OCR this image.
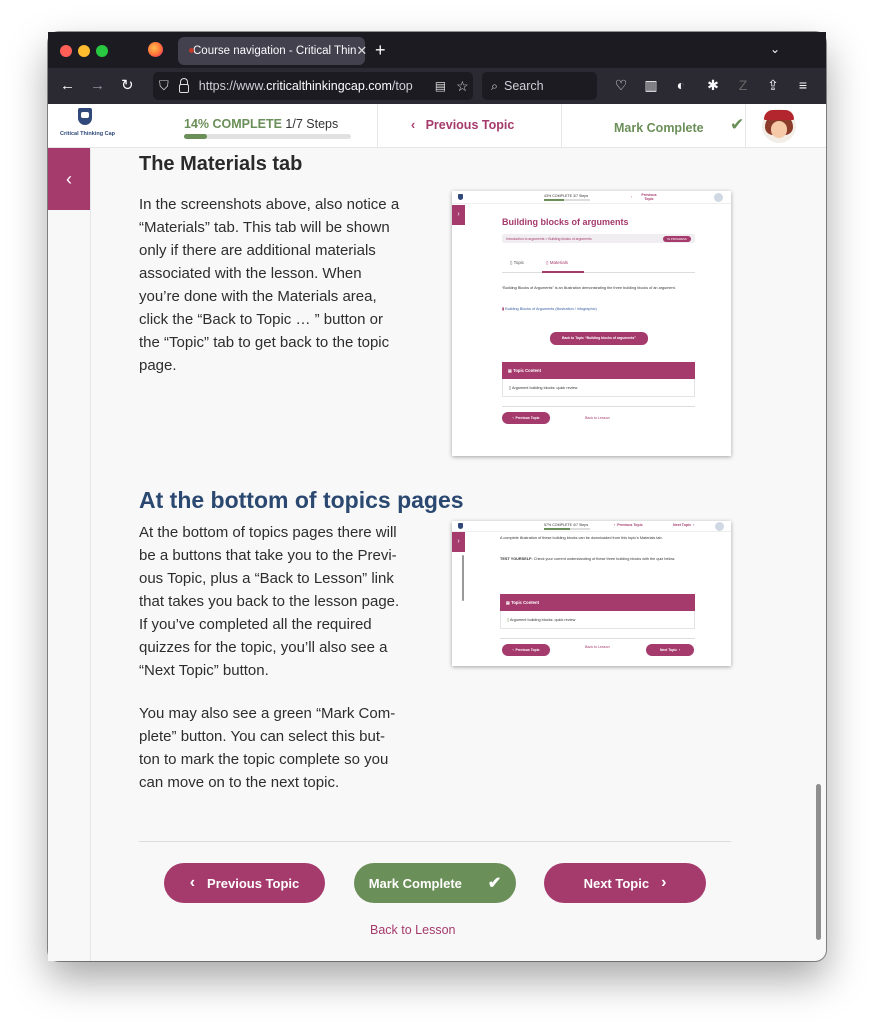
Course navigation - Critical Thin ✕ +	⌄
← → ↻ ⛉ https://www.criticalthinkingcap.com/top	▤ ☆ ⌕ Search	♡ ▥	◐	✱	Z	⇪	≡
Critical Thinking Cap
14% COMPLETE 1/7 Steps	‹   Previous Topic	Mark Complete ✔
‹
The Materials tab
In the screenshots above, also notice a
“Materials” tab. This tab will be shown
only if there are additional materials
associated with the lesson. When
you’re done with the Materials area,
click the “Back to Topic … ” button or
the “Topic” tab to get back to the topic
page.
43% COMPLETE 3/7 Steps	‹	Previous Topic
›
Building blocks of arguments
Introduction to arguments > Building blocks of arguments	IN PROGRESS
▯ Topic	▯ Materials
“Building Blocks of Arguments” is an illustration demonstrating the three building blocks of an argument.
▮ Building Blocks of Arguments (illustration / infographic)
Back to Topic “Building blocks of arguments”
▤ Topic Content
▯ Argument building blocks: quick review
‹  Previous Topic	Back to Lesson
At the bottom of topics pages
At the bottom of topics pages there will
be a buttons that take you to the Previ-
ous Topic, plus a “Back to Lesson” link
that takes you back to the lesson page.
If you’ve completed all the required
quizzes for the topic, you’ll also see a
“Next Topic” button.
You may also see a green “Mark Com-
plete” button. You can select this but-
ton to mark the topic complete so you
can move on to the next topic.
57% COMPLETE 4/7 Steps	‹  Previous Topic	Next Topic  ›
›	A complete illustration of these building blocks can be downloaded from this topic’s Materials tab.
TEST YOURSELF: Check your current understanding of these three building blocks with the quiz below.
▤ Topic Content
▯ Argument building blocks: quick review
‹  Previous Topic
Back to Lesson
Next Topic  ›
‹ Previous Topic	Mark Complete ✔	Next Topic ›
Back to Lesson
